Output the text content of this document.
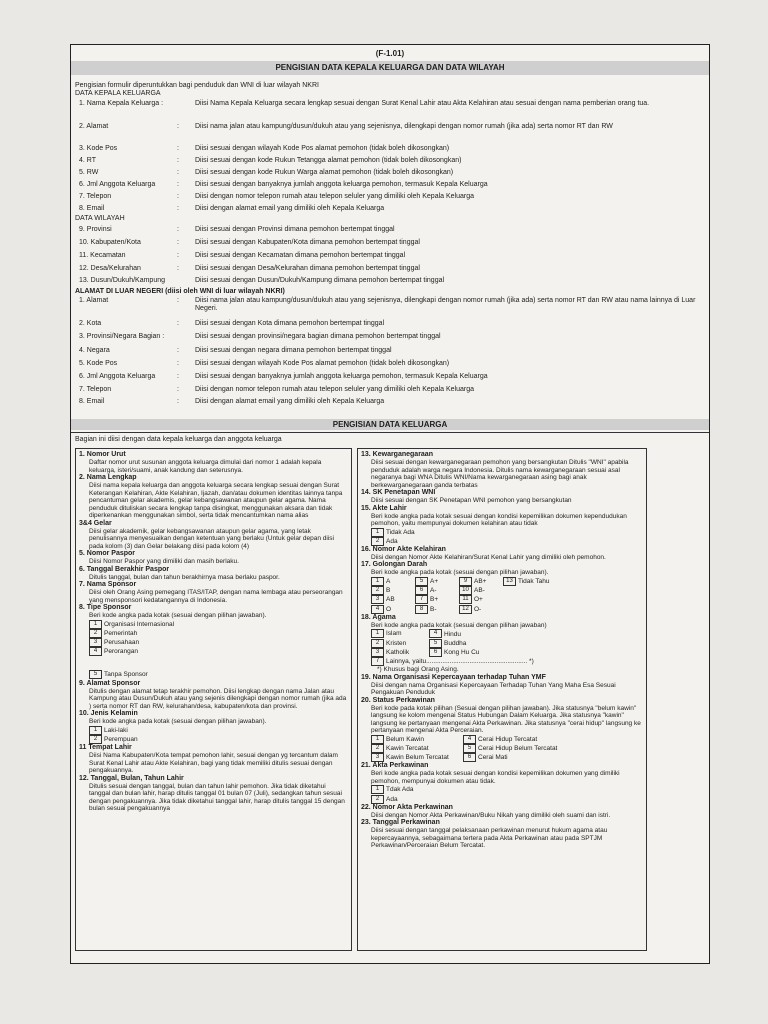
(F-1.01)
PENGISIAN DATA KEPALA KELUARGA DAN DATA WILAYAH
Pengisian formulir diperuntukkan bagi penduduk dan WNI di luar wilayah NKRI
DATA KEPALA KELUARGA
1. Nama Kepala Keluarga :	Diisi Nama Kepala Keluarga secara lengkap sesuai dengan Surat Kenal Lahir atau Akta Kelahiran atau sesuai dengan nama pemberian orang tua.
2. Alamat	: Diisi nama jalan atau kampung/dusun/dukuh atau yang sejenisnya, dilengkapi dengan nomor rumah (jika ada) serta nomor RT dan RW
3. Kode Pos	: Diisi sesuai dengan wilayah Kode Pos alamat pemohon (tidak boleh dikosongkan)
4. RT	: Diisi sesuai dengan kode Rukun Tetangga alamat pemohon (tidak boleh dikosongkan)
5. RW	: Diisi sesuai dengan kode Rukun Warga alamat pemohon (tidak boleh dikosongkan)
6. Jml Anggota Keluarga	: Diisi sesuai dengan banyaknya jumlah anggota keluarga pemohon, termasuk Kepala Keluarga
7. Telepon	: Diisi dengan nomor telepon rumah atau telepon seluler yang dimiliki oleh Kepala Keluarga
8. Email	: Diisi dengan alamat email yang dimiliki oleh Kepala Keluarga
DATA WILAYAH
9. Provinsi	: Diisi sesuai dengan Provinsi dimana pemohon bertempat tinggal
10. Kabupaten/Kota	: Diisi sesuai dengan Kabupaten/Kota dimana pemohon bertempat tinggal
11. Kecamatan	: Diisi sesuai dengan Kecamatan dimana pemohon bertempat tinggal
12. Desa/Kelurahan	: Diisi sesuai dengan Desa/Kelurahan dimana pemohon bertempat tinggal
13. Dusun/Dukuh/Kampung	Diisi sesuai dengan Dusun/Dukuh/Kampung dimana pemohon bertempat tinggal
ALAMAT DI LUAR NEGERI (diisi oleh WNI di luar wilayah NKRI)
1. Alamat	: Diisi nama jalan atau kampung/dusun/dukuh atau yang sejenisnya, dilengkapi dengan nomor rumah (jika ada) serta nomor RT dan RW atau nama lainnya di Luar Negeri.
2. Kota	: Diisi sesuai dengan Kota dimana pemohon bertempat tinggal
3. Provinsi/Negara Bagian :	Diisi sesuai dengan provinsi/negara bagian dimana pemohon bertempat tinggal
4. Negara	: Diisi sesuai dengan negara dimana pemohon bertempat tinggal
5. Kode Pos	: Diisi sesuai dengan wilayah Kode Pos alamat pemohon (tidak boleh dikosongkan)
6. Jml Anggota Keluarga	: Diisi sesuai dengan banyaknya jumlah anggota keluarga pemohon, termasuk Kepala Keluarga
7. Telepon	: Diisi dengan nomor telepon rumah atau telepon seluler yang dimiliki oleh Kepala Keluarga
8. Email	: Diisi dengan alamat email yang dimiliki oleh Kepala Keluarga
PENGISIAN DATA KELUARGA
Bagian ini diisi dengan data kepala keluarga dan anggota keluarga
1. Nomor Urut
Daftar nomor urut susunan anggota keluarga dimulai dari nomor 1 adalah kepala keluarga, isteri/suami, anak kandung dan seterusnya.
2. Nama Lengkap
Diisi nama kepala keluarga dan anggota keluarga secara lengkap sesuai dengan Surat Keterangan Kelahiran, Akte Kelahiran, Ijazah, dan/atau dokumen identitas lainnya tanpa pencantuman gelar akademis, gelar kebangsawanan ataupun gelar agama. Nama penduduk dituliskan secara lengkap tanpa disingkat, menggunakan aksara dan tidak diperkenankan menggunakan simbol, serta tidak mencantumkan nama alias
3&4 Gelar
Diisi gelar akademik, gelar kebangsawanan ataupun gelar agama, yang letak penulisannya menyesuaikan dengan ketentuan yang berlaku (Untuk gelar depan diisi pada kolom (3) dan Gelar belakang diisi pada kolom (4)
5. Nomor Paspor
Diisi Nomor Paspor yang dimiliki dan masih berlaku.
6. Tanggal Berakhir Paspor
Ditulis tanggal, bulan dan tahun berakhirnya masa berlaku paspor.
7. Nama Sponsor
Diisi oleh Orang Asing pemegang ITAS/ITAP, dengan nama lembaga atau perseorangan yang mensponsori kedatangannya di Indonesia.
8. Tipe Sponsor
Beri kode angka pada kotak (sesuai dengan pilihan jawaban).
1 Organisasi Internasional
2 Pemerintah
3 Perusahaan
4 Perorangan
5 Tanpa Sponsor
9. Alamat Sponsor
Ditulis dengan alamat tetap terakhir pemohon. Diisi lengkap dengan nama Jalan atau Kampung atau Dusun/Dukuh atau yang sejenis dilengkapi dengan nomor rumah (jika ada ) serta nomor RT dan RW, kelurahan/desa, kabupaten/kota dan provinsi.
10. Jenis Kelamin
Beri kode angka pada kotak (sesuai dengan pilihan jawaban).
1 Laki-laki
2 Perempuan
11 Tempat Lahir
Diisi Nama Kabupaten/Kota tempat pemohon lahir, sesuai dengan yg tercantum dalam Surat Kenal Lahir atau Akte Kelahiran, bagi yang tidak memiliki ditulis sesuai dengan pengakuannya.
12. Tanggal, Bulan, Tahun Lahir
Ditulis sesuai dengan tanggal, bulan dan tahun lahir pemohon. Jika tidak diketahui tanggal dan bulan lahir, harap ditulis tanggal 01 bulan 07 (Juli), sedangkan tahun sesuai dengan pengakuannya. Jika tidak diketahui tanggal lahir, harap ditulis tanggal 15 dengan bulan sesuai pengakuannya
13. Kewarganegaraan
Diisi sesuai dengan kewarganegaraan pemohon yang bersangkutan Ditulis "WNI" apabila penduduk adalah warga negara Indonesia. Ditulis nama kewarganegaraan sesuai asal negaranya bagi WNA Ditulis WNI/Nama kewarganegaraan asing bagi anak berkewarganegaraan ganda terbatas
14. SK Penetapan WNI
Diisi sesuai dengan SK Penetapan WNI pemohon yang bersangkutan
15. Akte Lahir
Beri kode angka pada kotak sesuai dengan kondisi kepemilikan dokumen kependudukan pemohon, yaitu mempunyai dokumen kelahiran atau tidak
1 Tidak Ada
2 Ada
16. Nomor Akte Kelahiran
Diisi dengan Nomor Akte Kelahiran/Surat Kenal Lahir yang dimiliki oleh pemohon.
17. Golongan Darah
Beri kode angka pada kotak (sesuai dengan pilihan jawaban).
1 A	5 A+	9 AB+	13 Tidak Tahu
2 B	6 A-	10 AB-
3 AB	7 B+	11 O+
4 O	8 B-	12 O-
18. Agama
Beri kode angka pada kotak (sesuai dengan pilihan jawaban)
1 Islam	4 Hindu
2 Kristen	5 Buddha
3 Katholik	6 Kong Hu Cu
7 Lainnya, yaitu........................................................ *)
*) Khusus bagi Orang Asing.
19. Nama Organisasi Kepercayaan terhadap Tuhan YMF
Diisi dengan nama Organisasi Kepercayaan Terhadap Tuhan Yang Maha Esa Sesuai Pengakuan Penduduk
20. Status Perkawinan
Beri kode pada kotak pilihan (Sesuai dengan pilihan jawaban). Jika statusnya "belum kawin" langsung ke kolom mengenai Status Hubungan Dalam Keluarga. Jika statusnya "kawin" langsung ke pertanyaan mengenai Akta Perkawinan. Jika statusnya "cerai hidup" langsung ke pertanyaan mengenai Akta Perceraian.
1 Belum Kawin	4 Cerai Hidup Tercatat
2 Kawin Tercatat	5 Cerai Hidup Belum Tercatat
3 Kawin Belum Tercatat	6 Cerai Mati
21. Akta Perkawinan
Beri kode angka pada kotak sesuai dengan kondisi kepemilikan dokumen yang dimiliki pemohon, mempunyai dokumen atau tidak.
1 Tdak Ada
2 Ada
22. Nomor Akta Perkawinan
Diisi dengan Nomor Akta Perkawinan/Buku Nikah yang dimiliki oleh suami dan istri.
23. Tanggal Perkawinan
Diisi sesuai dengan tanggal pelaksanaan perkawinan menurut hukum agama atau kepercayaannya, sebagaimana tertera pada Akta Perkawinan atau pada SPTJM Perkawinan/Perceraian Belum Tercatat.
